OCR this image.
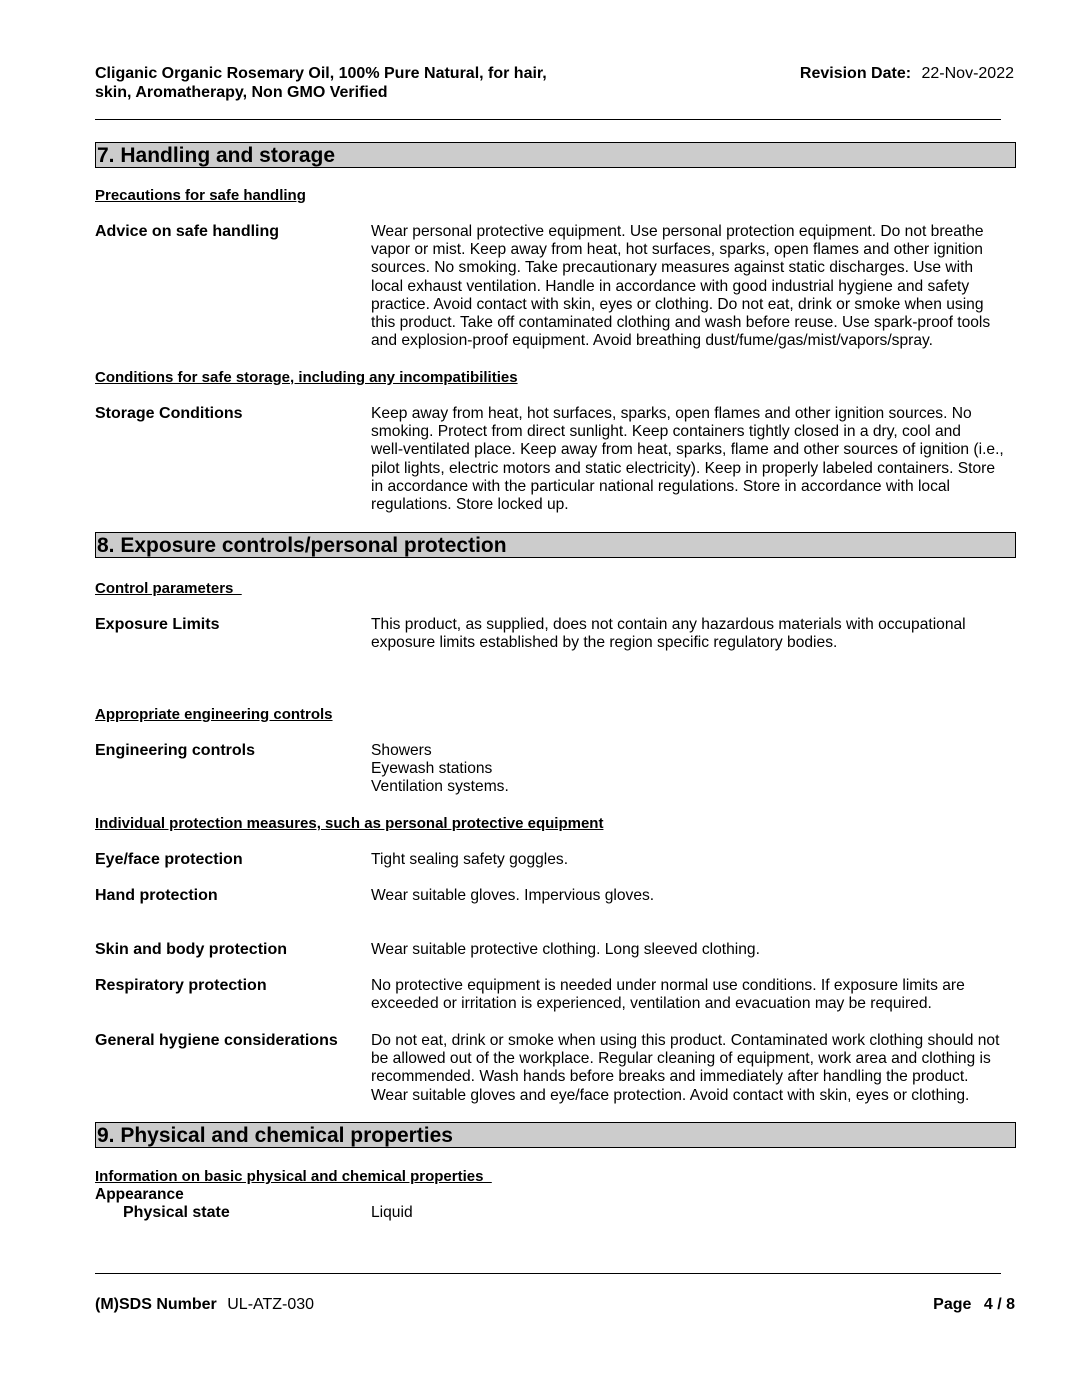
Cliganic Organic Rosemary Oil, 100% Pure Natural, for hair,
skin, Aromatherapy, Non GMO Verified
Revision Date: 22-Nov-2022
7. Handling and storage
Precautions for safe handling
Advice on safe handling	Wear personal protective equipment. Use personal protection equipment. Do not breathe
vapor or mist. Keep away from heat, hot surfaces, sparks, open flames and other ignition
sources. No smoking. Take precautionary measures against static discharges. Use with
local exhaust ventilation. Handle in accordance with good industrial hygiene and safety
practice. Avoid contact with skin, eyes or clothing. Do not eat, drink or smoke when using
this product. Take off contaminated clothing and wash before reuse. Use spark-proof tools
and explosion-proof equipment. Avoid breathing dust/fume/gas/mist/vapors/spray.
Conditions for safe storage, including any incompatibilities
Storage Conditions	Keep away from heat, hot surfaces, sparks, open flames and other ignition sources. No
smoking. Protect from direct sunlight. Keep containers tightly closed in a dry, cool and
well-ventilated place. Keep away from heat, sparks, flame and other sources of ignition (i.e.,
pilot lights, electric motors and static electricity). Keep in properly labeled containers. Store
in accordance with the particular national regulations. Store in accordance with local
regulations. Store locked up.
8. Exposure controls/personal protection
Control parameters
Exposure Limits	This product, as supplied, does not contain any hazardous materials with occupational
exposure limits established by the region specific regulatory bodies.
Appropriate engineering controls
Engineering controls	Showers
Eyewash stations
Ventilation systems.
Individual protection measures, such as personal protective equipment
Eye/face protection	Tight sealing safety goggles.
Hand protection	Wear suitable gloves. Impervious gloves.
Skin and body protection	Wear suitable protective clothing. Long sleeved clothing.
Respiratory protection	No protective equipment is needed under normal use conditions. If exposure limits are
exceeded or irritation is experienced, ventilation and evacuation may be required.
General hygiene considerations Do not eat, drink or smoke when using this product. Contaminated work clothing should not
be allowed out of the workplace. Regular cleaning of equipment, work area and clothing is
recommended. Wash hands before breaks and immediately after handling the product.
Wear suitable gloves and eye/face protection. Avoid contact with skin, eyes or clothing.
9. Physical and chemical properties
Information on basic physical and chemical properties
Appearance
Physical state	Liquid
(M)SDS Number UL-ATZ-030	Page 4 / 8
